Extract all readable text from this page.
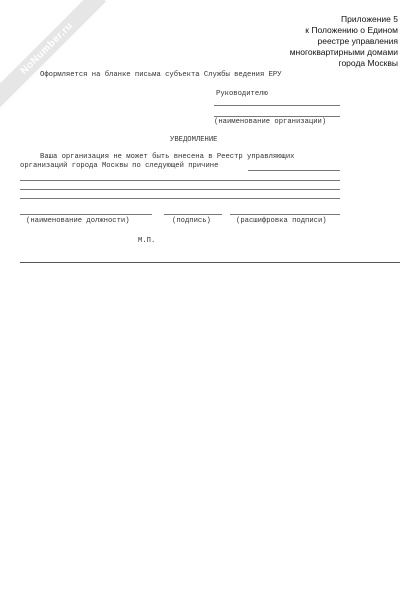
NoNumber.ru
Приложение 5
к Положению о Едином
реестре управления
многоквартирными домами
города Москвы
Оформляется на бланке письма субъекта Службы ведения ЕРУ
Руководителю
(наименование организации)
УВЕДОМЛЕНИЕ
Ваша организация не может быть внесена в Реестр управляющих
организаций города Москвы по следующей причине
(наименование должности)	(подпись)	(расшифровка подписи)
М.П.
